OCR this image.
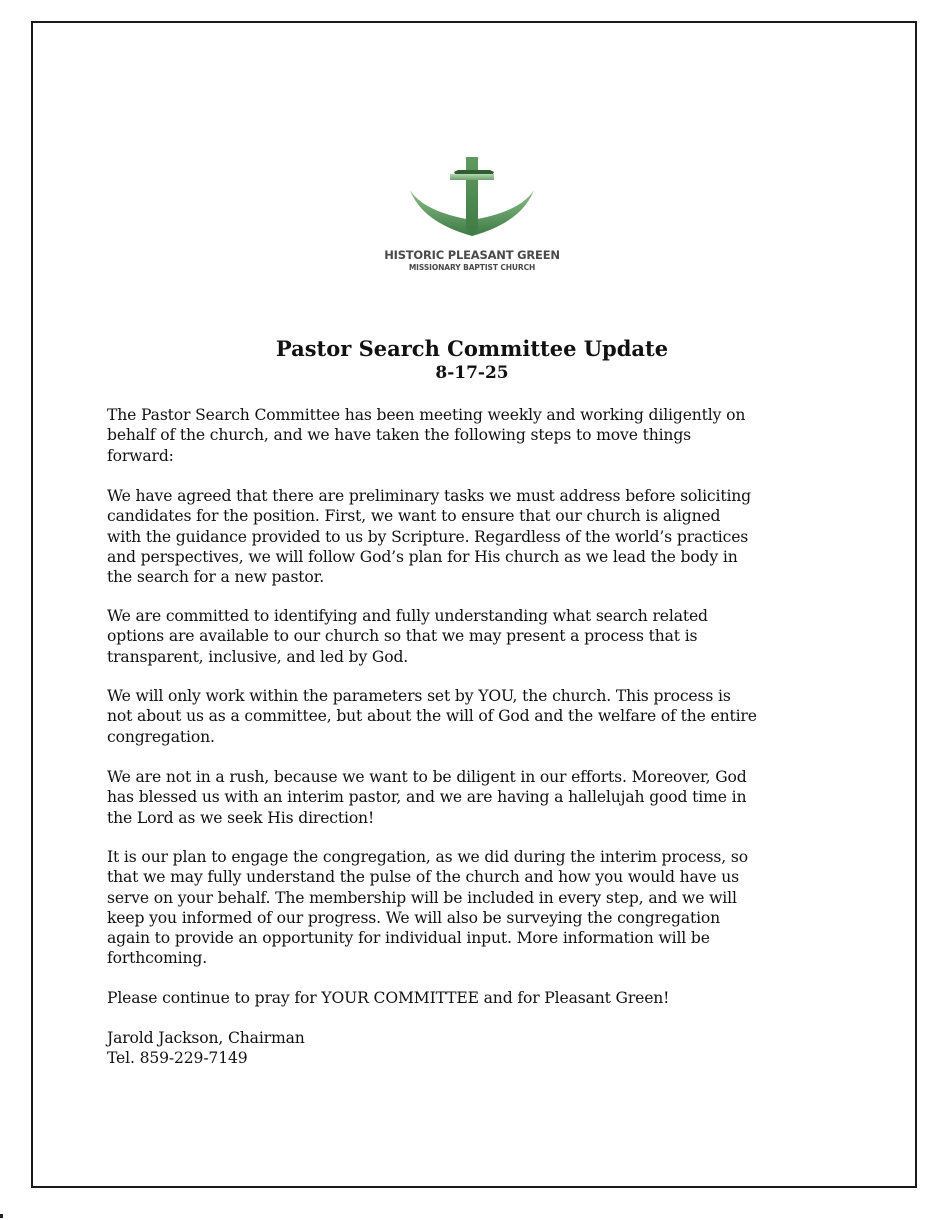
HISTORIC PLEASANT GREEN
MISSIONARY BAPTIST CHURCH
Pastor Search Committee Update
8-17-25

The Pastor Search Committee has been meeting weekly and working diligently on
behalf of the church, and we have taken the following steps to move things
forward:

We have agreed that there are preliminary tasks we must address before soliciting
candidates for the position. First, we want to ensure that our church is aligned
with the guidance provided to us by Scripture. Regardless of the world’s practices
and perspectives, we will follow God’s plan for His church as we lead the body in
the search for a new pastor.

We are committed to identifying and fully understanding what search related
options are available to our church so that we may present a process that is
transparent, inclusive, and led by God.

We will only work within the parameters set by YOU, the church. This process is
not about us as a committee, but about the will of God and the welfare of the entire
congregation.

We are not in a rush, because we want to be diligent in our efforts. Moreover, God
has blessed us with an interim pastor, and we are having a hallelujah good time in
the Lord as we seek His direction!

It is our plan to engage the congregation, as we did during the interim process, so
that we may fully understand the pulse of the church and how you would have us
serve on your behalf. The membership will be included in every step, and we will
keep you informed of our progress. We will also be surveying the congregation
again to provide an opportunity for individual input. More information will be
forthcoming.

Please continue to pray for YOUR COMMITTEE and for Pleasant Green!

Jarold Jackson, Chairman

Tel. 859-229-7149
